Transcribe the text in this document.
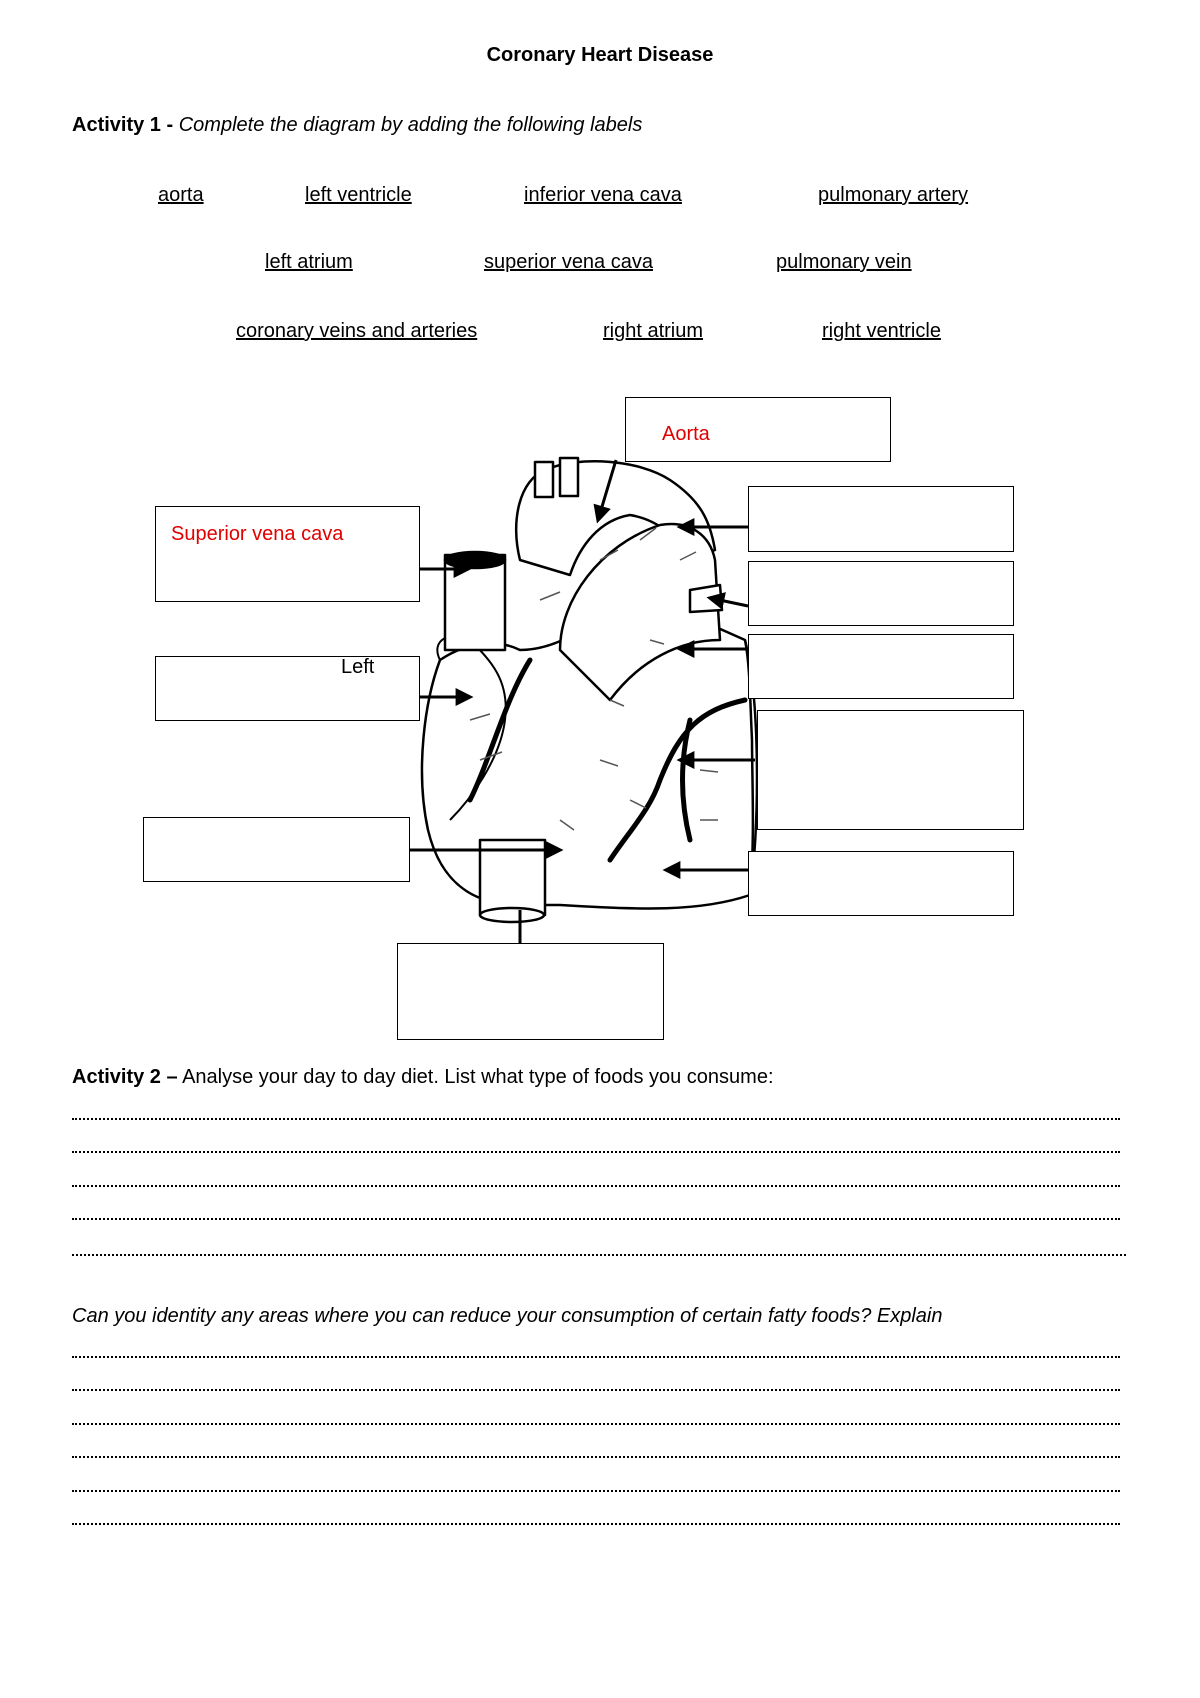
Coronary Heart Disease
Activity 1 - Complete the diagram by adding the following labels
aorta	left ventricle	inferior vena cava	pulmonary artery
left atrium	superior vena cava	pulmonary vein
coronary veins and arteries	right atrium	right ventricle
Aorta
Superior vena cava
Left
Activity 2 – Analyse your day to day diet. List what type of foods you consume:
Can you identity any areas where you can reduce your consumption of certain fatty foods? Explain
